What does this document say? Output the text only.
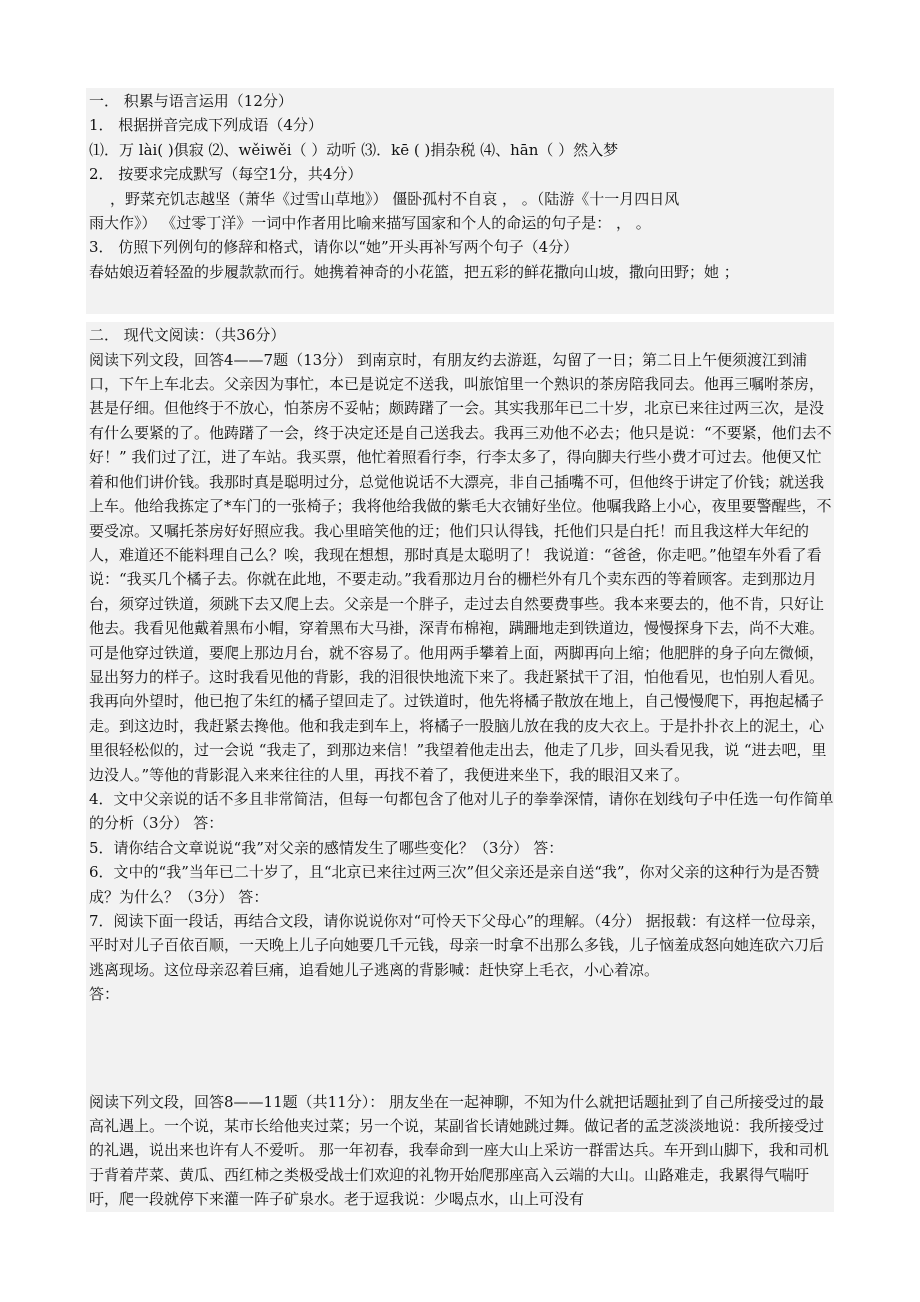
一． 积累与语言运用（12分）

1． 根据拼音完成下列成语（4分）

⑴．万 lài( )俱寂 ⑵、wěiwěi（ ）动听 ⑶．kē ( )捐杂税 ⑷、hān（ ）然入梦

2． 按要求完成默写（每空1分，共4分）

，野菜充饥志越坚（萧华《过雪山草地》） 僵卧孤村不自哀 ， 。（陆游《十一月四日风

雨大作》） 《过零丁洋》一词中作者用比喻来描写国家和个人的命运的句子是： ， 。

3． 仿照下列例句的修辞和格式，请你以“她”开头再补写两个句子（4分）

春姑娘迈着轻盈的步履款款而行。她携着神奇的小花篮，把五彩的鲜花撒向山坡，撒向田野；她 ；

二． 现代文阅读：（共36分）

阅读下列文段，回答4——7题（13分） 到南京时，有朋友约去游逛，勾留了一日；第二日上午便须渡江到浦口，下午上车北去。父亲因为事忙，本已是说定不送我，叫旅馆里一个熟识的茶房陪我同去。他再三嘱咐茶房，甚是仔细。但他终于不放心，怕茶房不妥帖；颇踌躇了一会。其实我那年已二十岁，北京已来往过两三次，是没有什么要紧的了。他踌躇了一会，终于决定还是自己送我去。我再三劝他不必去；他只是说：“不要紧，他们去不好！” 我们过了江，进了车站。我买票，他忙着照看行李，行李太多了，得向脚夫行些小费才可过去。他便又忙着和他们讲价钱。我那时真是聪明过分，总觉他说话不大漂亮，非自己插嘴不可，但他终于讲定了价钱；就送我上车。他给我拣定了*车门的一张椅子；我将他给我做的紫毛大衣铺好坐位。他嘱我路上小心，夜里要警醒些，不要受凉。又嘱托茶房好好照应我。我心里暗笑他的迂；他们只认得钱，托他们只是白托！而且我这样大年纪的人，难道还不能料理自己么？唉，我现在想想，那时真是太聪明了！ 我说道：“爸爸，你走吧。”他望车外看了看说：“我买几个橘子去。你就在此地，不要走动。”我看那边月台的栅栏外有几个卖东西的等着顾客。走到那边月台，须穿过铁道，须跳下去又爬上去。父亲是一个胖子，走过去自然要费事些。我本来要去的，他不肯，只好让他去。我看见他戴着黑布小帽，穿着黑布大马褂，深青布棉袍，蹒跚地走到铁道边，慢慢探身下去，尚不大难。可是他穿过铁道，要爬上那边月台，就不容易了。他用两手攀着上面，两脚再向上缩；他肥胖的身子向左微倾，显出努力的样子。这时我看见他的背影，我的泪很快地流下来了。我赶紧拭干了泪，怕他看见，也怕别人看见。我再向外望时，他已抱了朱红的橘子望回走了。过铁道时，他先将橘子散放在地上，自己慢慢爬下，再抱起橘子走。到这边时，我赶紧去搀他。他和我走到车上，将橘子一股脑儿放在我的皮大衣上。于是扑扑衣上的泥土，心里很轻松似的，过一会说 “我走了，到那边来信！”我望着他走出去，他走了几步，回头看见我，说 “进去吧，里边没人。”等他的背影混入来来往往的人里，再找不着了，我便进来坐下，我的眼泪又来了。

4．文中父亲说的话不多且非常简洁，但每一句都包含了他对儿子的拳拳深情，请你在划线句子中任选一句作简单的分析（3分） 答：

5．请你结合文章说说“我”对父亲的感情发生了哪些变化？（3分） 答：

6．文中的“我”当年已二十岁了，且“北京已来往过两三次”但父亲还是亲自送“我”，你对父亲的这种行为是否赞成？为什么？（3分） 答：

7．阅读下面一段话，再结合文段，请你说说你对“可怜天下父母心”的理解。（4分） 据报载：有这样一位母亲，平时对儿子百依百顺，一天晚上儿子向她要几千元钱，母亲一时拿不出那么多钱，儿子恼羞成怒向她连砍六刀后逃离现场。这位母亲忍着巨痛，追看她儿子逃离的背影喊：赶快穿上毛衣，小心着凉。

答：

阅读下列文段，回答8——11题（共11分）： 朋友坐在一起神聊，不知为什么就把话题扯到了自己所接受过的最高礼遇上。一个说，某市长给他夹过菜；另一个说，某副省长请她跳过舞。做记者的孟芝淡淡地说：我所接受过的礼遇，说出来也许有人不爱听。 那一年初春，我奉命到一座大山上采访一群雷达兵。车开到山脚下，我和司机于背着芹菜、黄瓜、西红柿之类极受战士们欢迎的礼物开始爬那座高入云端的大山。山路难走，我累得气喘吁吁，爬一段就停下来灌一阵子矿泉水。老于逗我说：少喝点水，山上可没有
